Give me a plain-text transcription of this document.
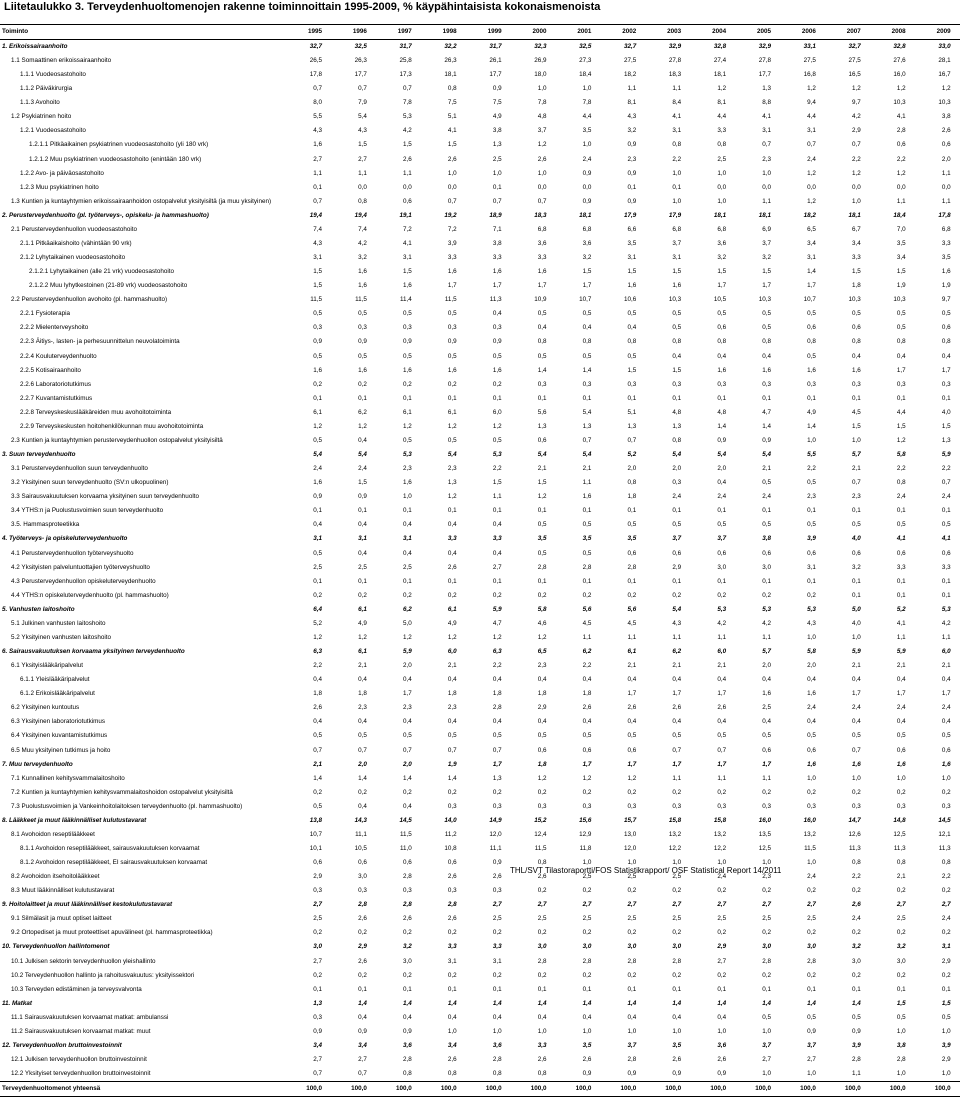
Liitetaulukko 3. Terveydenhuoltomenojen rakenne toiminnoittain 1995-2009, % käypähintaisista kokonaismenoista
Toiminto	1995	1996	1997	1998	1999	2000	2001	2002	2003	2004	2005	2006	2007	2008	2009
1. Erikoissairaanhoito	32,7	32,5	31,7	32,2	31,7	32,3	32,5	32,7	32,9	32,8	32,9	33,1	32,7	32,8	33,0
1.1 Somaattinen erikoissairaanhoito	26,5	26,3	25,8	26,3	26,1	26,9	27,3	27,5	27,8	27,4	27,8	27,5	27,5	27,6	28,1
1.1.1 Vuodeosastohoito	17,8	17,7	17,3	18,1	17,7	18,0	18,4	18,2	18,3	18,1	17,7	16,8	16,5	16,0	16,7
1.1.2 Päiväkirurgia	0,7	0,7	0,7	0,8	0,9	1,0	1,0	1,1	1,1	1,2	1,3	1,2	1,2	1,2	1,2
1.1.3 Avohoito	8,0	7,9	7,8	7,5	7,5	7,8	7,8	8,1	8,4	8,1	8,8	9,4	9,7	10,3	10,3
1.2 Psykiatrinen hoito	5,5	5,4	5,3	5,1	4,9	4,8	4,4	4,3	4,1	4,4	4,1	4,4	4,2	4,1	3,8
1.2.1 Vuodeosastohoito	4,3	4,3	4,2	4,1	3,8	3,7	3,5	3,2	3,1	3,3	3,1	3,1	2,9	2,8	2,6
1.2.1.1 Pitkäaikainen psykiatrinen vuodeosastohoito (yli 180 vrk)	1,6	1,5	1,5	1,5	1,3	1,2	1,0	0,9	0,8	0,8	0,7	0,7	0,7	0,6	0,6
1.2.1.2 Muu psykiatrinen vuodeosastohoito (enintään 180 vrk)	2,7	2,7	2,6	2,6	2,5	2,6	2,4	2,3	2,2	2,5	2,3	2,4	2,2	2,2	2,0
1.2.2 Avo- ja päiväosastohoito	1,1	1,1	1,1	1,0	1,0	1,0	0,9	0,9	1,0	1,0	1,0	1,2	1,2	1,2	1,1
1.2.3 Muu psykiatrinen hoito	0,1	0,0	0,0	0,0	0,1	0,0	0,0	0,1	0,1	0,0	0,0	0,0	0,0	0,0	0,0
1.3 Kuntien ja kuntayhtymien erikoissairaanhoidon ostopalvelut yksityisiltä (ja muu yksityinen)	0,7	0,8	0,6	0,7	0,7	0,7	0,9	0,9	1,0	1,0	1,1	1,2	1,0	1,1	1,1
2. Perusterveydenhuolto (pl. työterveys-, opiskelu- ja hammashuolto)	19,4	19,4	19,1	19,2	18,9	18,3	18,1	17,9	17,9	18,1	18,1	18,2	18,1	18,4	17,8
2.1 Perusterveydenhuollon vuodeosastohoito	7,4	7,4	7,2	7,2	7,1	6,8	6,8	6,6	6,8	6,8	6,9	6,5	6,7	7,0	6,8
2.1.1 Pitkäaikaishoito (vähintään 90 vrk)	4,3	4,2	4,1	3,9	3,8	3,6	3,6	3,5	3,7	3,6	3,7	3,4	3,4	3,5	3,3
2.1.2 Lyhytaikainen vuodeosastohoito	3,1	3,2	3,1	3,3	3,3	3,3	3,2	3,1	3,1	3,2	3,2	3,1	3,3	3,4	3,5
2.1.2.1 Lyhytaikainen (alle 21 vrk) vuodeosastohoito	1,5	1,6	1,5	1,6	1,6	1,6	1,5	1,5	1,5	1,5	1,5	1,4	1,5	1,5	1,6
2.1.2.2 Muu lyhytkestoinen (21-89 vrk) vuodeosastohoito	1,5	1,6	1,6	1,7	1,7	1,7	1,7	1,6	1,6	1,7	1,7	1,7	1,8	1,9	1,9
2.2 Perusterveydenhuollon avohoito (pl. hammashuolto)	11,5	11,5	11,4	11,5	11,3	10,9	10,7	10,6	10,3	10,5	10,3	10,7	10,3	10,3	9,7
2.2.1 Fysioterapia	0,5	0,5	0,5	0,5	0,4	0,5	0,5	0,5	0,5	0,5	0,5	0,5	0,5	0,5	0,5
2.2.2 Mielenterveyshoito	0,3	0,3	0,3	0,3	0,3	0,4	0,4	0,4	0,5	0,6	0,5	0,6	0,6	0,5	0,6
2.2.3 Äitiys-, lasten- ja perhesuunnittelun neuvolatoiminta	0,9	0,9	0,9	0,9	0,9	0,8	0,8	0,8	0,8	0,8	0,8	0,8	0,8	0,8	0,8
2.2.4 Kouluterveydenhuolto	0,5	0,5	0,5	0,5	0,5	0,5	0,5	0,5	0,4	0,4	0,4	0,5	0,4	0,4	0,4
2.2.5 Kotisairaanhoito	1,6	1,6	1,6	1,6	1,6	1,4	1,4	1,5	1,5	1,6	1,6	1,6	1,6	1,7	1,7
2.2.6 Laboratoriotutkimus	0,2	0,2	0,2	0,2	0,2	0,3	0,3	0,3	0,3	0,3	0,3	0,3	0,3	0,3	0,3
2.2.7 Kuvantamistutkimus	0,1	0,1	0,1	0,1	0,1	0,1	0,1	0,1	0,1	0,1	0,1	0,1	0,1	0,1	0,1
2.2.8 Terveyskeskuslääkäreiden muu avohoitotoiminta	6,1	6,2	6,1	6,1	6,0	5,6	5,4	5,1	4,8	4,8	4,7	4,9	4,5	4,4	4,0
2.2.9 Terveyskeskusten hoitohenkilökunnan muu avohoitotoiminta	1,2	1,2	1,2	1,2	1,2	1,3	1,3	1,3	1,3	1,4	1,4	1,4	1,5	1,5	1,5
2.3 Kuntien ja kuntayhtymien perusterveydenhuollon ostopalvelut yksityisiltä	0,5	0,4	0,5	0,5	0,5	0,6	0,7	0,7	0,8	0,9	0,9	1,0	1,0	1,2	1,3
3. Suun terveydenhuolto	5,4	5,4	5,3	5,4	5,3	5,4	5,4	5,2	5,4	5,4	5,4	5,5	5,7	5,8	5,9
3.1 Perusterveydenhuollon suun terveydenhuolto	2,4	2,4	2,3	2,3	2,2	2,1	2,1	2,0	2,0	2,0	2,1	2,2	2,1	2,2	2,2
3.2 Yksityinen suun terveydenhuolto (SV:n ulkopuolinen)	1,6	1,5	1,6	1,3	1,5	1,5	1,1	0,8	0,3	0,4	0,5	0,5	0,7	0,8	0,7
3.3 Sairausvakuutuksen korvaama yksityinen suun terveydenhuolto	0,9	0,9	1,0	1,2	1,1	1,2	1,6	1,8	2,4	2,4	2,4	2,3	2,3	2,4	2,4
3.4 YTHS:n ja Puolustusvoimien suun terveydenhuolto	0,1	0,1	0,1	0,1	0,1	0,1	0,1	0,1	0,1	0,1	0,1	0,1	0,1	0,1	0,1
3.5. Hammasproteetikka	0,4	0,4	0,4	0,4	0,4	0,5	0,5	0,5	0,5	0,5	0,5	0,5	0,5	0,5	0,5
4. Työterveys- ja opiskeluterveydenhuolto	3,1	3,1	3,1	3,3	3,3	3,5	3,5	3,5	3,7	3,7	3,8	3,9	4,0	4,1	4,1
4.1 Perusterveydenhuollon työterveyshuolto	0,5	0,4	0,4	0,4	0,4	0,5	0,5	0,6	0,6	0,6	0,6	0,6	0,6	0,6	0,6
4.2 Yksityisten palveluntuottajien työterveyshuolto	2,5	2,5	2,5	2,6	2,7	2,8	2,8	2,8	2,9	3,0	3,0	3,1	3,2	3,3	3,3
4.3 Perusterveydenhuollon opiskeluterveydenhuolto	0,1	0,1	0,1	0,1	0,1	0,1	0,1	0,1	0,1	0,1	0,1	0,1	0,1	0,1	0,1
4.4 YTHS:n opiskeluterveydenhuolto (pl. hammashuolto)	0,2	0,2	0,2	0,2	0,2	0,2	0,2	0,2	0,2	0,2	0,2	0,2	0,1	0,1	0,1
5. Vanhusten laitoshoito	6,4	6,1	6,2	6,1	5,9	5,8	5,6	5,6	5,4	5,3	5,3	5,3	5,0	5,2	5,3
5.1 Julkinen vanhusten laitoshoito	5,2	4,9	5,0	4,9	4,7	4,6	4,5	4,5	4,3	4,2	4,2	4,3	4,0	4,1	4,2
5.2 Yksityinen vanhusten laitoshoito	1,2	1,2	1,2	1,2	1,2	1,2	1,1	1,1	1,1	1,1	1,1	1,0	1,0	1,1	1,1
6. Sairausvakuutuksen korvaama yksityinen terveydenhuolto	6,3	6,1	5,9	6,0	6,3	6,5	6,2	6,1	6,2	6,0	5,7	5,8	5,9	5,9	6,0
6.1 Yksityislääkäripalvelut	2,2	2,1	2,0	2,1	2,2	2,3	2,2	2,1	2,1	2,1	2,0	2,0	2,1	2,1	2,1
6.1.1 Yleislääkäripalvelut	0,4	0,4	0,4	0,4	0,4	0,4	0,4	0,4	0,4	0,4	0,4	0,4	0,4	0,4	0,4
6.1.2 Erikoislääkäripalvelut	1,8	1,8	1,7	1,8	1,8	1,8	1,8	1,7	1,7	1,7	1,6	1,6	1,7	1,7	1,7
6.2 Yksityinen kuntoutus	2,6	2,3	2,3	2,3	2,8	2,9	2,6	2,6	2,6	2,6	2,5	2,4	2,4	2,4	2,4
6.3 Yksityinen laboratoriotutkimus	0,4	0,4	0,4	0,4	0,4	0,4	0,4	0,4	0,4	0,4	0,4	0,4	0,4	0,4	0,4
6.4 Yksityinen kuvantamistutkimus	0,5	0,5	0,5	0,5	0,5	0,5	0,5	0,5	0,5	0,5	0,5	0,5	0,5	0,5	0,5
6.5 Muu yksityinen tutkimus ja hoito	0,7	0,7	0,7	0,7	0,7	0,6	0,6	0,6	0,7	0,7	0,6	0,6	0,7	0,6	0,6
7. Muu terveydenhuolto	2,1	2,0	2,0	1,9	1,7	1,8	1,7	1,7	1,7	1,7	1,7	1,6	1,6	1,6	1,6
7.1 Kunnallinen kehitysvammalaitoshoito	1,4	1,4	1,4	1,4	1,3	1,2	1,2	1,2	1,1	1,1	1,1	1,0	1,0	1,0	1,0
7.2 Kuntien ja kuntayhtymien kehitysvammalaitoshoidon ostopalvelut yksityisiltä	0,2	0,2	0,2	0,2	0,2	0,2	0,2	0,2	0,2	0,2	0,2	0,2	0,2	0,2	0,2
7.3 Puolustusvoimien ja Vankeinhoitolaitoksen terveydenhuolto (pl. hammashuolto)	0,5	0,4	0,4	0,3	0,3	0,3	0,3	0,3	0,3	0,3	0,3	0,3	0,3	0,3	0,3
8. Lääkkeet ja muut lääkinnälliset kulutustavarat	13,8	14,3	14,5	14,0	14,9	15,2	15,6	15,7	15,8	15,8	16,0	16,0	14,7	14,8	14,5
8.1 Avohoidon reseptilääkkeet	10,7	11,1	11,5	11,2	12,0	12,4	12,9	13,0	13,2	13,2	13,5	13,2	12,6	12,5	12,1
8.1.1 Avohoidon reseptilääkkeet, sairausvakuutuksen korvaamat	10,1	10,5	11,0	10,8	11,1	11,5	11,8	12,0	12,2	12,2	12,5	11,5	11,3	11,3	11,3
8.1.2 Avohoidon reseptilääkkeet, EI sairausvakuutuksen korvaamat	0,6	0,6	0,6	0,6	0,9	0,8	1,0	1,0	1,0	1,0	1,0	1,0	0,8	0,8	0,8
8.2 Avohoidon itsehoitolääkkeet	2,9	3,0	2,8	2,6	2,6	2,6	2,5	2,5	2,5	2,4	2,3	2,4	2,2	2,1	2,2
8.3 Muut lääkinnälliset kulutustavarat	0,3	0,3	0,3	0,3	0,3	0,2	0,2	0,2	0,2	0,2	0,2	0,2	0,2	0,2	0,2
9. Hoitolaitteet ja muut lääkinnälliset kestokulutustavarat	2,7	2,8	2,8	2,8	2,7	2,7	2,7	2,7	2,7	2,7	2,7	2,7	2,6	2,7	2,7
9.1 Silmälasit ja muut optiset laitteet	2,5	2,6	2,6	2,6	2,5	2,5	2,5	2,5	2,5	2,5	2,5	2,5	2,4	2,5	2,4
9.2 Ortopediset ja muut proteettiset apuvälineet (pl. hammasproteetikka)	0,2	0,2	0,2	0,2	0,2	0,2	0,2	0,2	0,2	0,2	0,2	0,2	0,2	0,2	0,2
10. Terveydenhuollon hallintomenot	3,0	2,9	3,2	3,3	3,3	3,0	3,0	3,0	3,0	2,9	3,0	3,0	3,2	3,2	3,1
10.1 Julkisen sektorin terveydenhuollon yleishallinto	2,7	2,6	3,0	3,1	3,1	2,8	2,8	2,8	2,8	2,7	2,8	2,8	3,0	3,0	2,9
10.2 Terveydenhuollon hallinto ja rahoitusvakuutus: yksityissektori	0,2	0,2	0,2	0,2	0,2	0,2	0,2	0,2	0,2	0,2	0,2	0,2	0,2	0,2	0,2
10.3 Terveyden edistäminen ja terveysvalvonta	0,1	0,1	0,1	0,1	0,1	0,1	0,1	0,1	0,1	0,1	0,1	0,1	0,1	0,1	0,1
11. Matkat	1,3	1,4	1,4	1,4	1,4	1,4	1,4	1,4	1,4	1,4	1,4	1,4	1,4	1,5	1,5
11.1 Sairausvakuutuksen korvaamat matkat: ambulanssi	0,3	0,4	0,4	0,4	0,4	0,4	0,4	0,4	0,4	0,4	0,5	0,5	0,5	0,5	0,5
11.2 Sairausvakuutuksen korvaamat matkat: muut	0,9	0,9	0,9	1,0	1,0	1,0	1,0	1,0	1,0	1,0	1,0	0,9	0,9	1,0	1,0
12. Terveydenhuollon bruttoinvestoinnit	3,4	3,4	3,6	3,4	3,6	3,3	3,5	3,7	3,5	3,6	3,7	3,7	3,9	3,8	3,9
12.1 Julkisen terveydenhuollon bruttoinvestoinnit	2,7	2,7	2,8	2,6	2,8	2,6	2,6	2,8	2,6	2,6	2,7	2,7	2,8	2,8	2,9
12.2 Yksityiset terveydenhuollon bruttoinvestoinnit	0,7	0,7	0,8	0,8	0,8	0,8	0,9	0,9	0,9	0,9	1,0	1,0	1,1	1,0	1,0
Terveydenhuoltomenot yhteensä	100,0	100,0	100,0	100,0	100,0	100,0	100,0	100,0	100,0	100,0	100,0	100,0	100,0	100,0	100,0
THL/SVT Tilastoraportti/FOS Statistikrapport/ OSF Statistical Report 14/2011
